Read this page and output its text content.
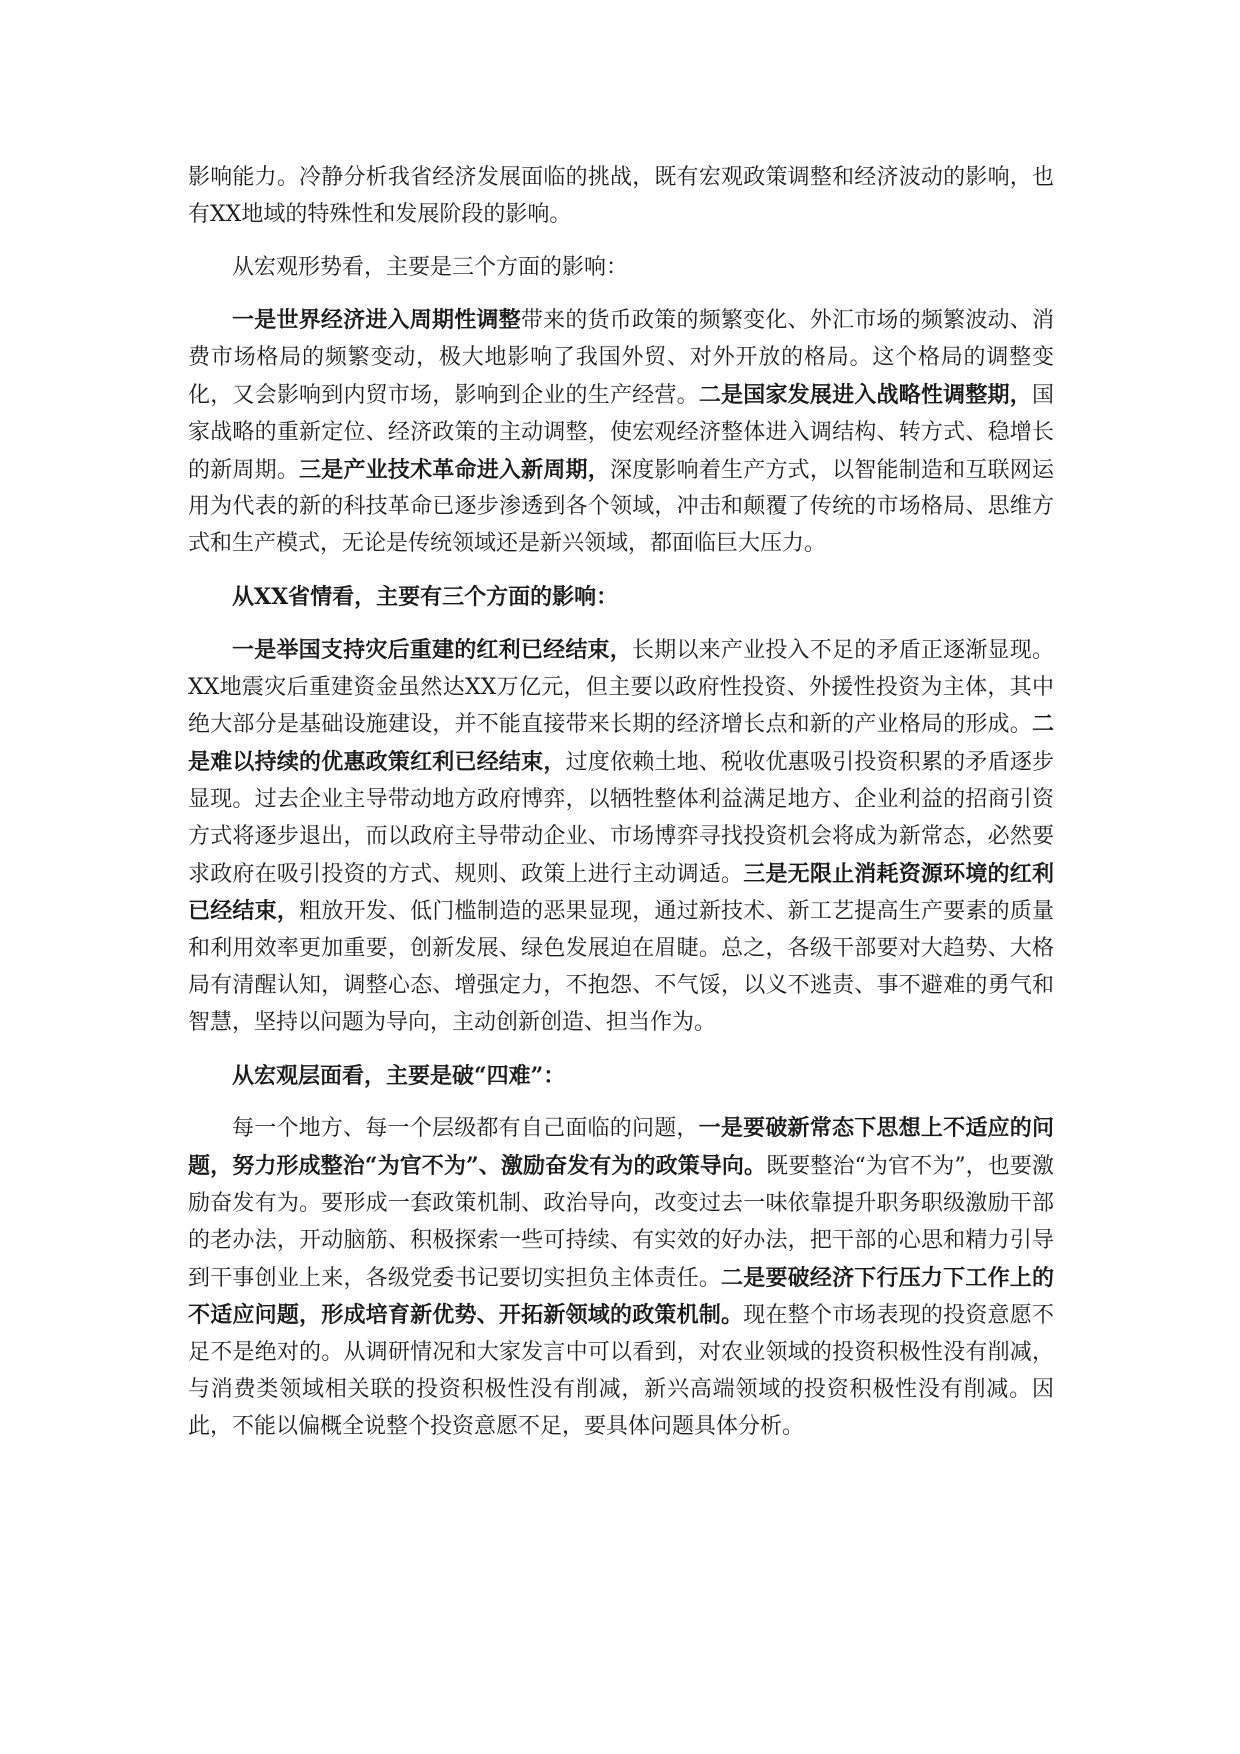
影响能力。冷静分析我省经济发展面临的挑战，既有宏观政策调整和经济波动的影响，也有XX地域的特殊性和发展阶段的影响。

从宏观形势看，主要是三个方面的影响：

一是世界经济进入周期性调整带来的货币政策的频繁变化、外汇市场的频繁波动、消费市场格局的频繁变动，极大地影响了我国外贸、对外开放的格局。这个格局的调整变化，又会影响到内贸市场，影响到企业的生产经营。二是国家发展进入战略性调整期，国家战略的重新定位、经济政策的主动调整，使宏观经济整体进入调结构、转方式、稳增长的新周期。三是产业技术革命进入新周期，深度影响着生产方式，以智能制造和互联网运用为代表的新的科技革命已逐步渗透到各个领域，冲击和颠覆了传统的市场格局、思维方式和生产模式，无论是传统领域还是新兴领域，都面临巨大压力。

从XX省情看，主要有三个方面的影响：

一是举国支持灾后重建的红利已经结束，长期以来产业投入不足的矛盾正逐渐显现。XX地震灾后重建资金虽然达XX万亿元，但主要以政府性投资、外援性投资为主体，其中绝大部分是基础设施建设，并不能直接带来长期的经济增长点和新的产业格局的形成。二是难以持续的优惠政策红利已经结束，过度依赖土地、税收优惠吸引投资积累的矛盾逐步显现。过去企业主导带动地方政府博弈，以牺牲整体利益满足地方、企业利益的招商引资方式将逐步退出，而以政府主导带动企业、市场博弈寻找投资机会将成为新常态，必然要求政府在吸引投资的方式、规则、政策上进行主动调适。三是无限止消耗资源环境的红利已经结束，粗放开发、低门槛制造的恶果显现，通过新技术、新工艺提高生产要素的质量和利用效率更加重要，创新发展、绿色发展迫在眉睫。总之，各级干部要对大趋势、大格局有清醒认知，调整心态、增强定力，不抱怨、不气馁，以义不逃责、事不避难的勇气和智慧，坚持以问题为导向，主动创新创造、担当作为。

从宏观层面看，主要是破“四难”：

每一个地方、每一个层级都有自己面临的问题，一是要破新常态下思想上不适应的问题，努力形成整治“为官不为”、激励奋发有为的政策导向。既要整治“为官不为”，也要激励奋发有为。要形成一套政策机制、政治导向，改变过去一味依靠提升职务职级激励干部的老办法，开动脑筋、积极探索一些可持续、有实效的好办法，把干部的心思和精力引导到干事创业上来，各级党委书记要切实担负主体责任。二是要破经济下行压力下工作上的不适应问题，形成培育新优势、开拓新领域的政策机制。现在整个市场表现的投资意愿不足不是绝对的。从调研情况和大家发言中可以看到，对农业领域的投资积极性没有削减，与消费类领域相关联的投资积极性没有削减，新兴高端领域的投资积极性没有削减。因此，不能以偏概全说整个投资意愿不足，要具体问题具体分析。
